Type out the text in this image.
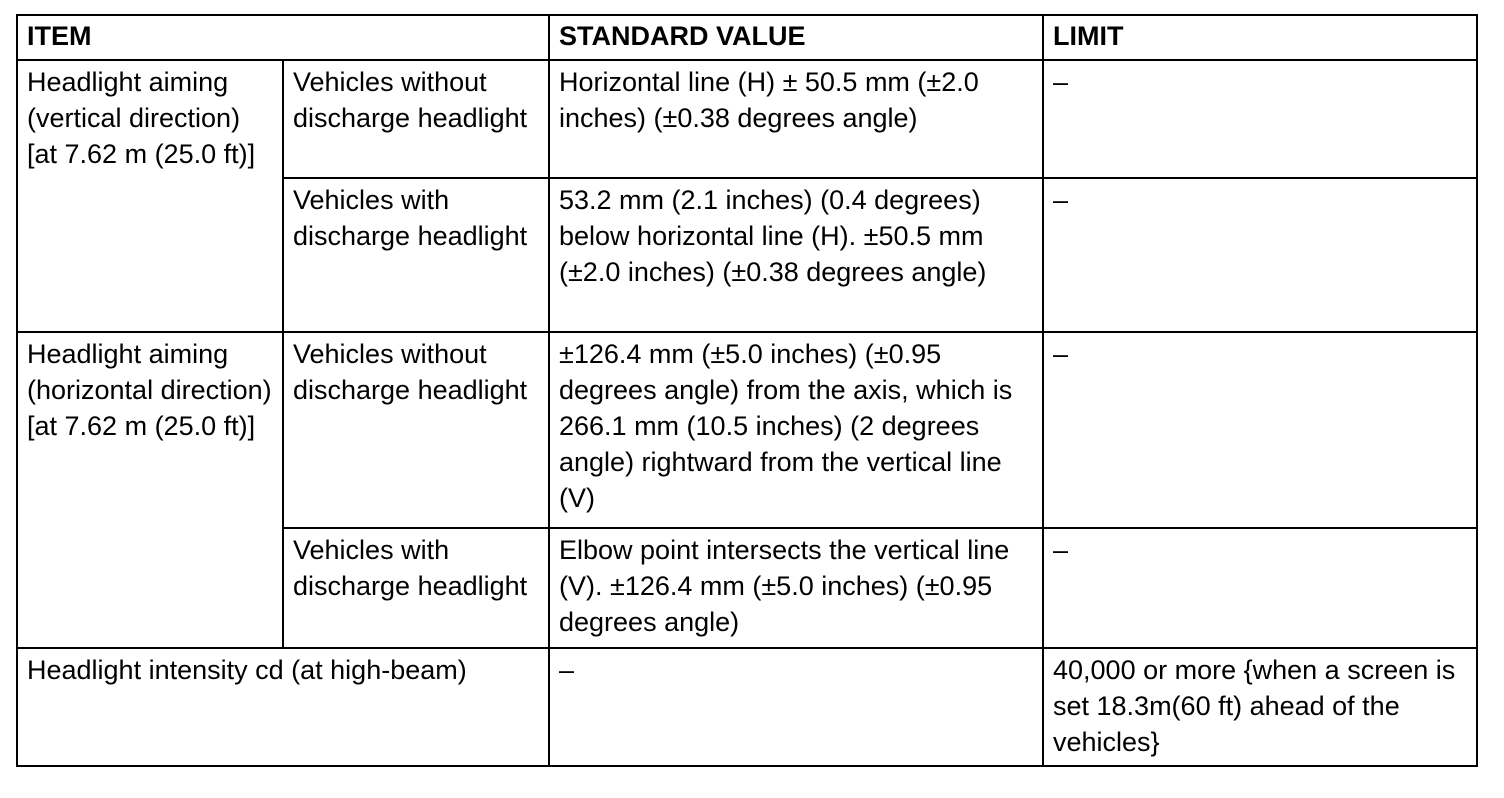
ITEM		STANDARD VALUE	LIMIT
Headlight aiming (vertical direction) [at 7.62 m (25.0 ft)]	Vehicles without discharge headlight	Horizontal line (H) ± 50.5 mm (±2.0 inches) (±0.38 degrees angle)	–
	Vehicles with discharge headlight	53.2 mm (2.1 inches) (0.4 degrees) below horizontal line (H). ±50.5 mm (±2.0 inches) (±0.38 degrees angle)	–
Headlight aiming (horizontal direction) [at 7.62 m (25.0 ft)]	Vehicles without discharge headlight	±126.4 mm (±5.0 inches) (±0.95 degrees angle) from the axis, which is 266.1 mm (10.5 inches) (2 degrees angle) rightward from the vertical line (V)	–
	Vehicles with discharge headlight	Elbow point intersects the vertical line (V). ±126.4 mm (±5.0 inches) (±0.95 degrees angle)	–
Headlight intensity cd (at high-beam)		–	40,000 or more {when a screen is set 18.3m(60 ft) ahead of the vehicles}
